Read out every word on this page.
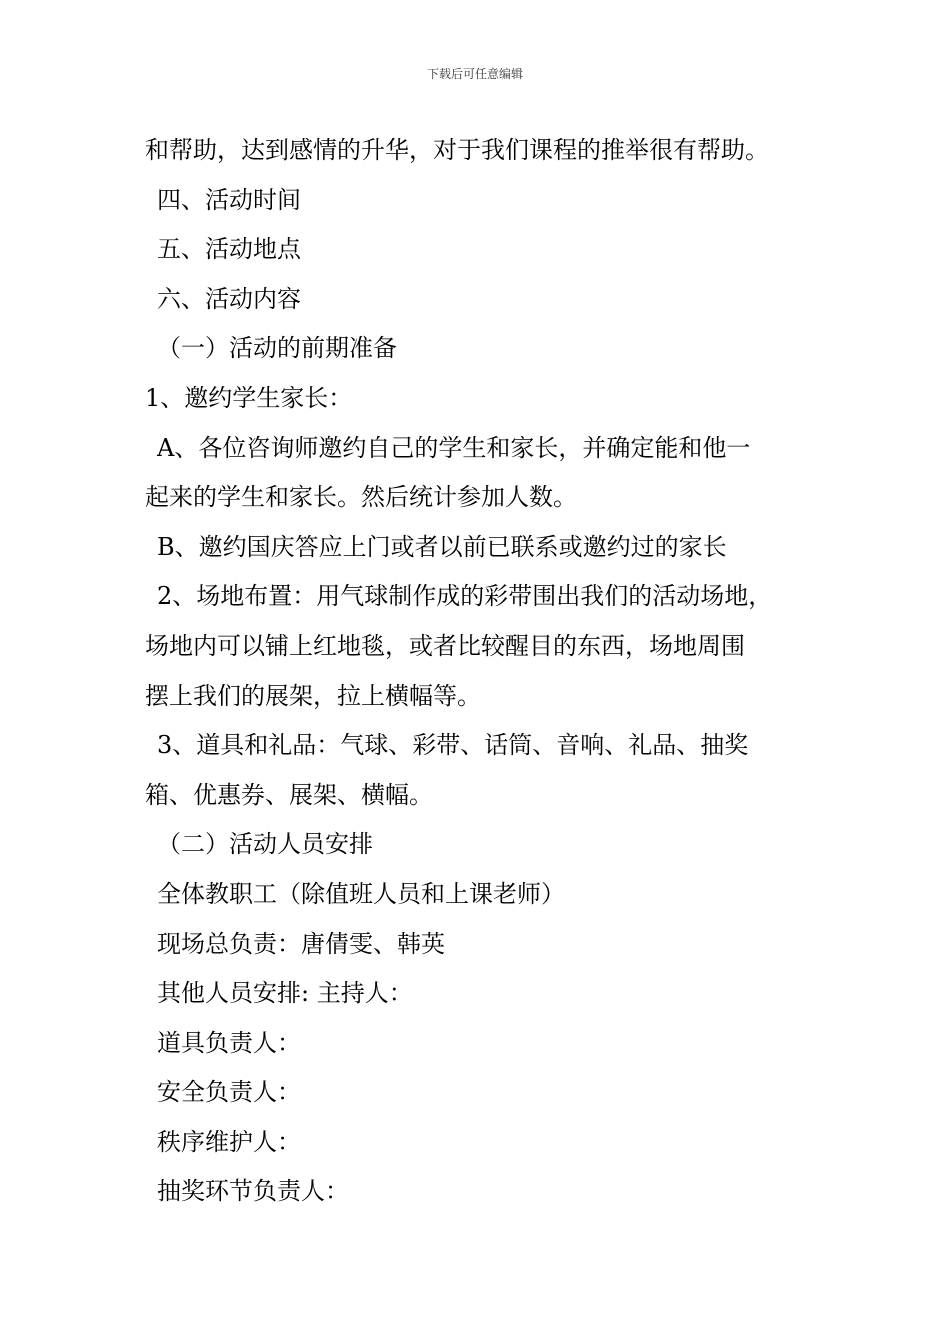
下载后可任意编辑
和帮助，达到感情的升华，对于我们课程的推举很有帮助。
四、活动时间
五、活动地点
六、活动内容
（一）活动的前期准备
1、邀约学生家长：
A、各位咨询师邀约自己的学生和家长，并确定能和他一
起来的学生和家长。然后统计参加人数。
B、邀约国庆答应上门或者以前已联系或邀约过的家长
2、场地布置：用气球制作成的彩带围出我们的活动场地，
场地内可以铺上红地毯，或者比较醒目的东西，场地周围
摆上我们的展架，拉上横幅等。
3、道具和礼品：气球、彩带、话筒、音响、礼品、抽奖
箱、优惠券、展架、横幅。
（二）活动人员安排
全体教职工（除值班人员和上课老师）
现场总负责：唐倩雯、韩英
其他人员安排: 主持人：
道具负责人：
安全负责人：
秩序维护人：
抽奖环节负责人：
